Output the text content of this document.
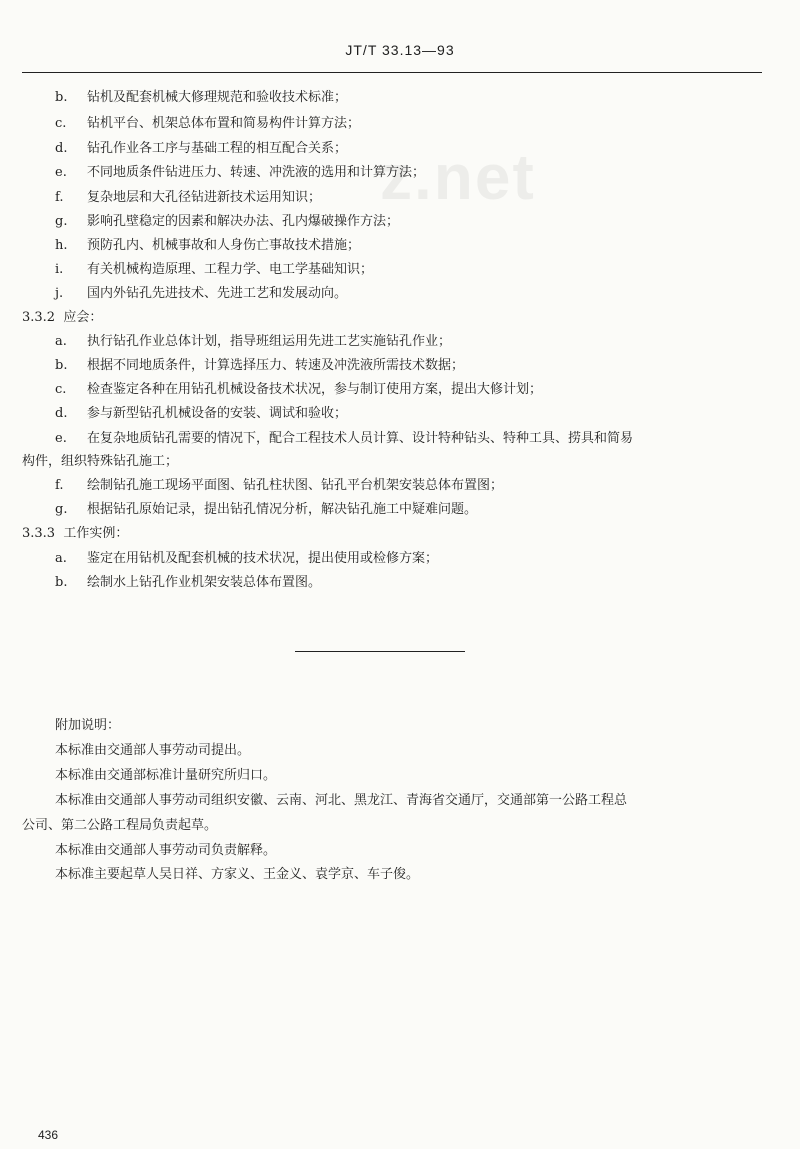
JT/T 33.13—93
z.net
b. 钻机及配套机械大修理规范和验收技术标准；
c. 钻机平台、机架总体布置和简易构件计算方法；
d. 钻孔作业各工序与基础工程的相互配合关系；
e. 不同地质条件钻进压力、转速、冲洗液的选用和计算方法；
f. 复杂地层和大孔径钻进新技术运用知识；
g. 影响孔壁稳定的因素和解决办法、孔内爆破操作方法；
h. 预防孔内、机械事故和人身伤亡事故技术措施；
i. 有关机械构造原理、工程力学、电工学基础知识；
j. 国内外钻孔先进技术、先进工艺和发展动向。
3.3.2 应会：
a. 执行钻孔作业总体计划，指导班组运用先进工艺实施钻孔作业；
b. 根据不同地质条件，计算选择压力、转速及冲洗液所需技术数据；
c. 检查鉴定各种在用钻孔机械设备技术状况，参与制订使用方案，提出大修计划；
d. 参与新型钻孔机械设备的安装、调试和验收；
e. 在复杂地质钻孔需要的情况下，配合工程技术人员计算、设计特种钻头、特种工具、捞具和简易
构件，组织特殊钻孔施工；
f. 绘制钻孔施工现场平面图、钻孔柱状图、钻孔平台机架安装总体布置图；
g. 根据钻孔原始记录，提出钻孔情况分析，解决钻孔施工中疑难问题。
3.3.3 工作实例：
a. 鉴定在用钻机及配套机械的技术状况，提出使用或检修方案；
b. 绘制水上钻孔作业机架安装总体布置图。
附加说明：
本标准由交通部人事劳动司提出。
本标准由交通部标准计量研究所归口。
本标准由交通部人事劳动司组织安徽、云南、河北、黑龙江、青海省交通厅，交通部第一公路工程总
公司、第二公路工程局负责起草。
本标准由交通部人事劳动司负责解释。
本标准主要起草人吴日祥、方家义、王金义、袁学京、车子俊。
436
